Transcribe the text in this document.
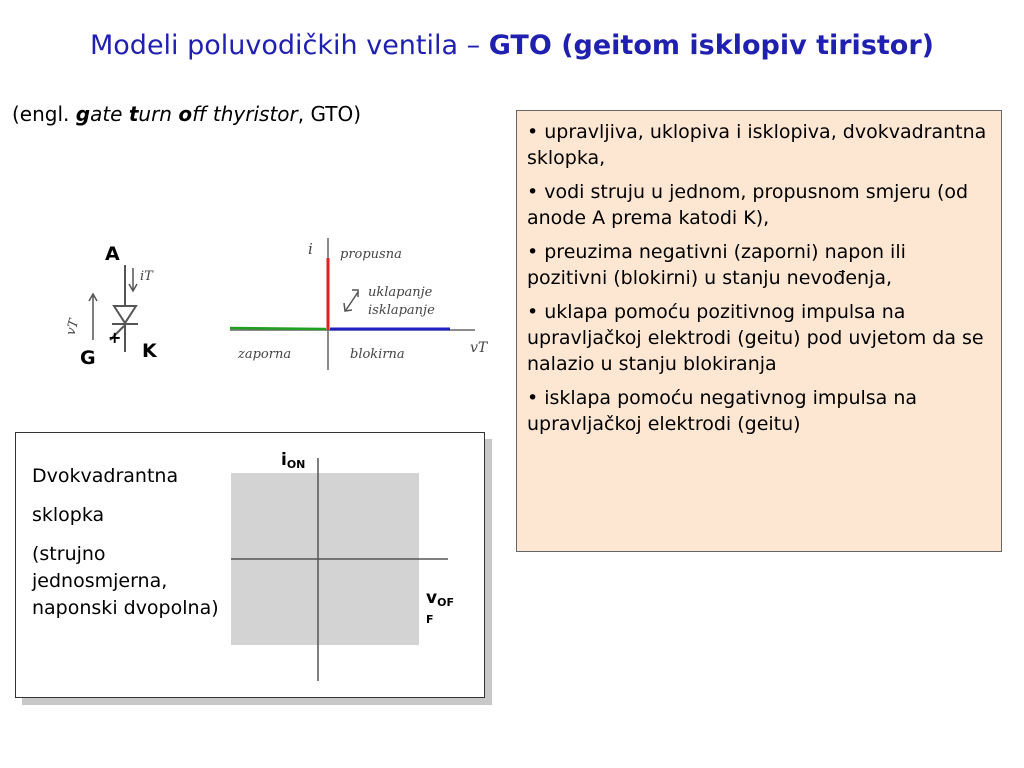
Modeli poluvodičkih ventila – GTO (geitom isklopiv tiristor)
(engl. gate turn off thyristor, GTO)
A
iT
vT
+
K
G
i propusna
uklapanje
isklapanje
zaporna	blokirna	vT

• upravljiva, uklopiva i isklopiva, dvokvadrantna sklopka,

• vodi struju u jednom, propusnom smjeru (od anode A prema katodi K),

• preuzima negativni (zaporni) napon ili pozitivni (blokirni) u stanju nevođenja,

• uklapa pomoću pozitivnog impulsa na upravljačkoj elektrodi (geitu) pod uvjetom da se nalazio u stanju blokiranja

• isklapa pomoću negativnog impulsa na upravljačkoj elektrodi (geitu)

Dvokvadrantna

sklopka

(strujno jednosmjerna, naponski dvopolna)

iON
vOF
F
